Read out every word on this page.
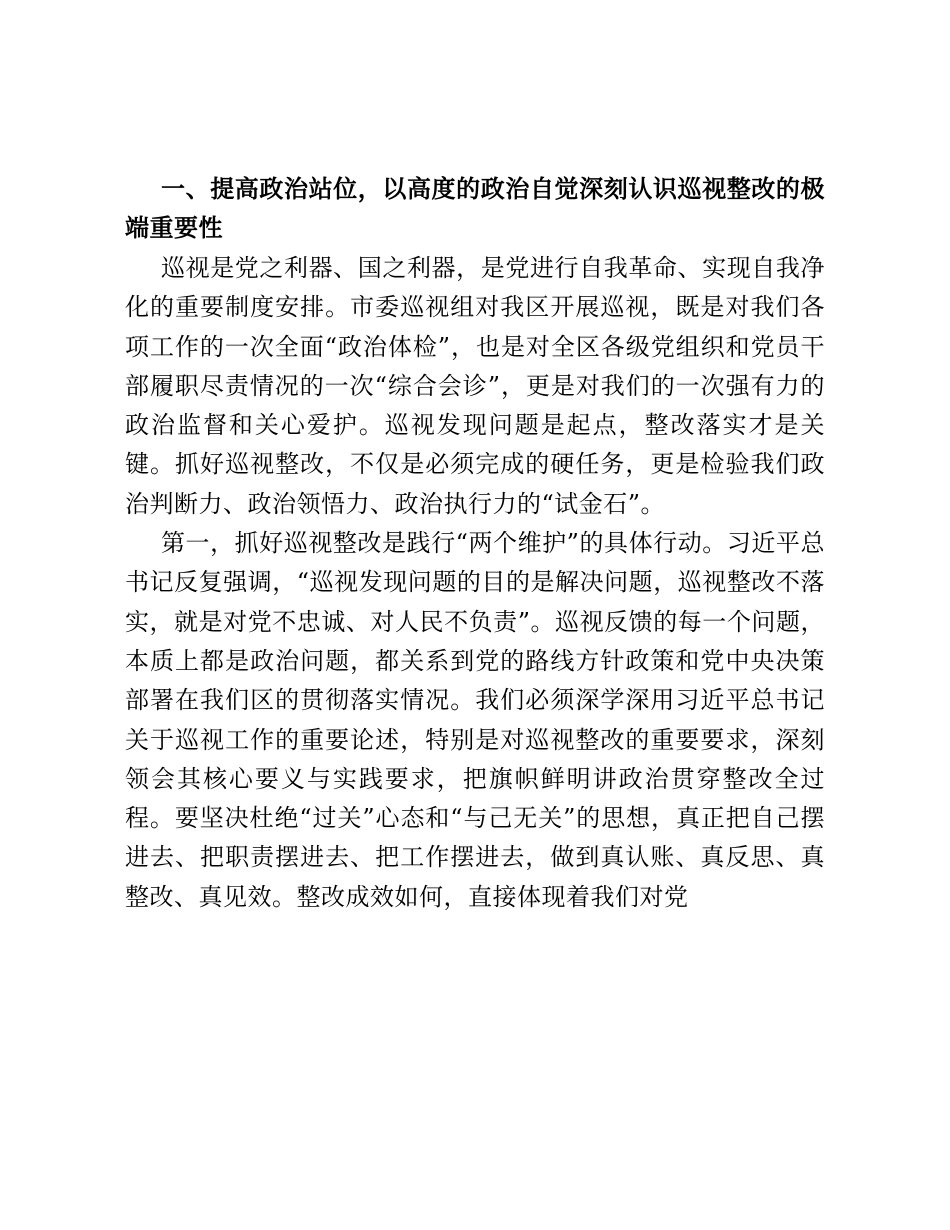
一、提高政治站位，以高度的政治自觉深刻认识巡视整改的极端重要性

巡视是党之利器、国之利器，是党进行自我革命、实现自我净化的重要制度安排。市委巡视组对我区开展巡视，既是对我们各项工作的一次全面“政治体检”，也是对全区各级党组织和党员干部履职尽责情况的一次“综合会诊”，更是对我们的一次强有力的政治监督和关心爱护。巡视发现问题是起点，整改落实才是关键。抓好巡视整改，不仅是必须完成的硬任务，更是检验我们政治判断力、政治领悟力、政治执行力的“试金石”。

第一，抓好巡视整改是践行“两个维护”的具体行动。习近平总书记反复强调，“巡视发现问题的目的是解决问题，巡视整改不落实，就是对党不忠诚、对人民不负责”。巡视反馈的每一个问题，本质上都是政治问题，都关系到党的路线方针政策和党中央决策部署在我们区的贯彻落实情况。我们必须深学深用习近平总书记关于巡视工作的重要论述，特别是对巡视整改的重要要求，深刻领会其核心要义与实践要求，把旗帜鲜明讲政治贯穿整改全过程。要坚决杜绝“过关”心态和“与己无关”的思想，真正把自己摆进去、把职责摆进去、把工作摆进去，做到真认账、真反思、真整改、真见效。整改成效如何，直接体现着我们对党
